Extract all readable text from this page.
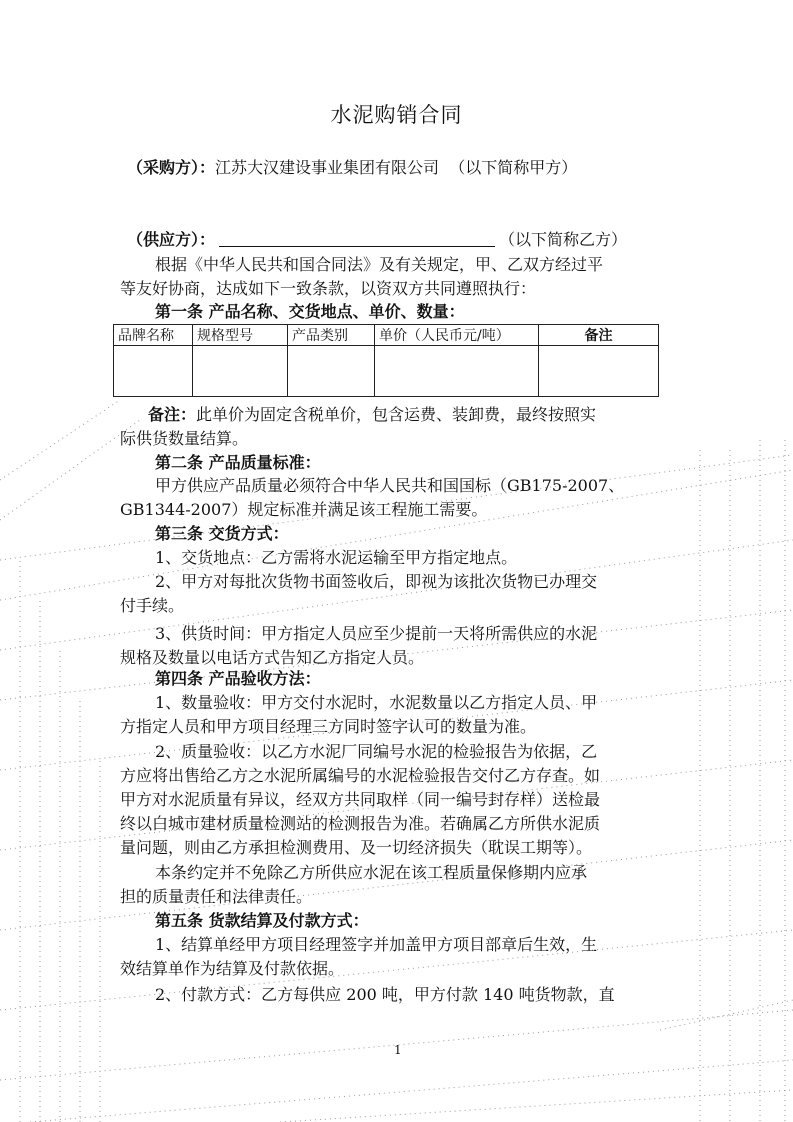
水泥购销合同
（采购方）：江苏大汉建设事业集团有限公司 （以下简称甲方）
（供应方）：	（以下简称乙方）
根据《中华人民共和国合同法》及有关规定，甲、乙双方经过平
等友好协商，达成如下一致条款，以资双方共同遵照执行：
第一条 产品名称、交货地点、单价、数量：
品牌名称	规格型号	产品类别	单价（人民币元/吨）	备注

备注：此单价为固定含税单价，包含运费、装卸费，最终按照实
际供货数量结算。
第二条 产品质量标准：
甲方供应产品质量必须符合中华人民共和国国标（GB175-2007、
GB1344-2007）规定标准并满足该工程施工需要。
第三条 交货方式：
1、交货地点：乙方需将水泥运输至甲方指定地点。
2、甲方对每批次货物书面签收后，即视为该批次货物已办理交
付手续。
3、供货时间：甲方指定人员应至少提前一天将所需供应的水泥
规格及数量以电话方式告知乙方指定人员。
第四条 产品验收方法：
1、数量验收：甲方交付水泥时，水泥数量以乙方指定人员、甲
方指定人员和甲方项目经理三方同时签字认可的数量为准。
2、质量验收：以乙方水泥厂同编号水泥的检验报告为依据，乙
方应将出售给乙方之水泥所属编号的水泥检验报告交付乙方存查。如
甲方对水泥质量有异议，经双方共同取样（同一编号封存样）送检最
终以白城市建材质量检测站的检测报告为准。若确属乙方所供水泥质
量问题，则由乙方承担检测费用、及一切经济损失（耽误工期等）。
本条约定并不免除乙方所供应水泥在该工程质量保修期内应承
担的质量责任和法律责任。
第五条 货款结算及付款方式：
1、结算单经甲方项目经理签字并加盖甲方项目部章后生效，生
效结算单作为结算及付款依据。
2、付款方式：乙方每供应 200 吨，甲方付款 140 吨货物款，直
1
